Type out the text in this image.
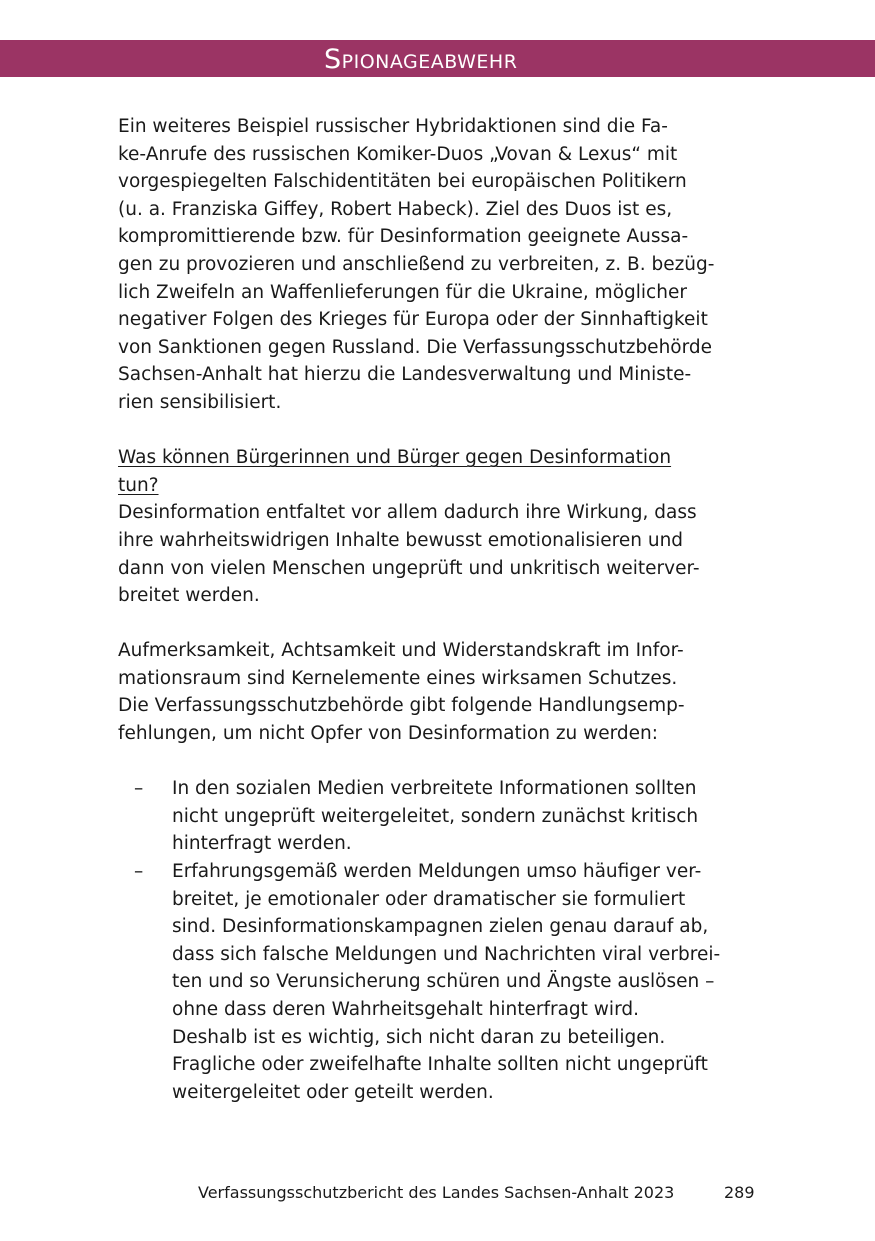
Spionageabwehr
Ein weiteres Beispiel russischer Hybridaktionen sind die Fa-
ke-Anrufe des russischen Komiker-Duos „Vovan & Lexus“ mit
vorgespiegelten Falschidentitäten bei europäischen Politikern
(u. a. Franziska Giffey, Robert Habeck). Ziel des Duos ist es,
kompromittierende bzw. für Desinformation geeignete Aussa-
gen zu provozieren und anschließend zu verbreiten, z. B. bezüg-
lich Zweifeln an Waffenlieferungen für die Ukraine, möglicher
negativer Folgen des Krieges für Europa oder der Sinnhaftigkeit
von Sanktionen gegen Russland. Die Verfassungsschutzbehörde
Sachsen-Anhalt hat hierzu die Landesverwaltung und Ministe-
rien sensibilisiert.
Was können Bürgerinnen und Bürger gegen Desinformation
tun?
Desinformation entfaltet vor allem dadurch ihre Wirkung, dass
ihre wahrheitswidrigen Inhalte bewusst emotionalisieren und
dann von vielen Menschen ungeprüft und unkritisch weiterver-
breitet werden.
Aufmerksamkeit, Achtsamkeit und Widerstandskraft im Infor-
mationsraum sind Kernelemente eines wirksamen Schutzes.
Die Verfassungsschutzbehörde gibt folgende Handlungsemp-
fehlungen, um nicht Opfer von Desinformation zu werden:
– In den sozialen Medien verbreitete Informationen sollten
nicht ungeprüft weitergeleitet, sondern zunächst kritisch
hinterfragt werden.
– Erfahrungsgemäß werden Meldungen umso häufiger ver-
breitet, je emotionaler oder dramatischer sie formuliert
sind. Desinformationskampagnen zielen genau darauf ab,
dass sich falsche Meldungen und Nachrichten viral verbrei-
ten und so Verunsicherung schüren und Ängste auslösen –
ohne dass deren Wahrheitsgehalt hinterfragt wird.
Deshalb ist es wichtig, sich nicht daran zu beteiligen.
Fragliche oder zweifelhafte Inhalte sollten nicht ungeprüft
weitergeleitet oder geteilt werden.
Verfassungsschutzbericht des Landes Sachsen-Anhalt 2023	289
